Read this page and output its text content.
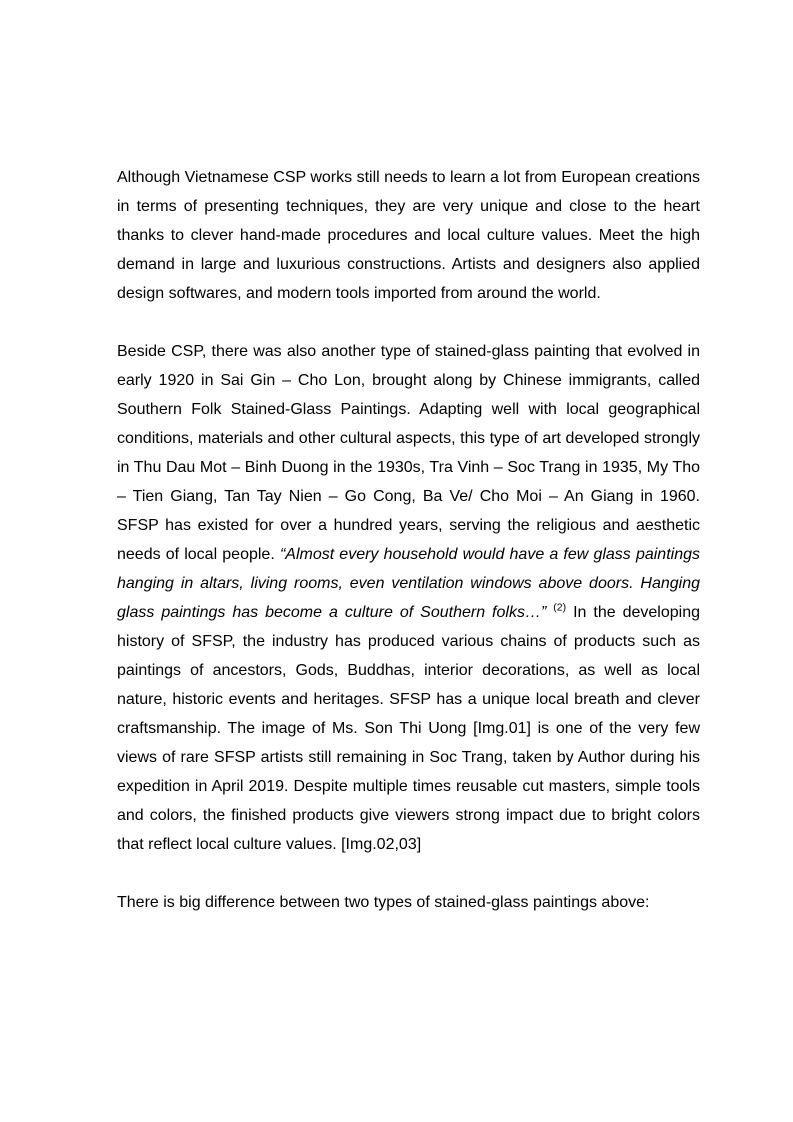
Although Vietnamese CSP works still needs to learn a lot from European creations in terms of presenting techniques, they are very unique and close to the heart thanks to clever hand-made procedures and local culture values. Meet the high demand in large and luxurious constructions. Artists and designers also applied design softwares, and modern tools imported from around the world.

Beside CSP, there was also another type of stained-glass painting that evolved in early 1920 in Sai Gin – Cho Lon, brought along by Chinese immigrants, called Southern Folk Stained-Glass Paintings. Adapting well with local geographical conditions, materials and other cultural aspects, this type of art developed strongly in Thu Dau Mot – Binh Duong in the 1930s, Tra Vinh – Soc Trang in 1935, My Tho – Tien Giang, Tan Tay Nien – Go Cong, Ba Ve/ Cho Moi – An Giang in 1960. SFSP has existed for over a hundred years, serving the religious and aesthetic needs of local people. “Almost every household would have a few glass paintings hanging in altars, living rooms, even ventilation windows above doors. Hanging glass paintings has become a culture of Southern folks…” $^{(2)}$ In the developing history of SFSP, the industry has produced various chains of products such as paintings of ancestors, Gods, Buddhas, interior decorations, as well as local nature, historic events and heritages. SFSP has a unique local breath and clever craftsmanship. The image of Ms. Son Thi Uong [Img.01] is one of the very few views of rare SFSP artists still remaining in Soc Trang, taken by Author during his expedition in April 2019. Despite multiple times reusable cut masters, simple tools and colors, the finished products give viewers strong impact due to bright colors that reflect local culture values. [Img.02,03]

There is big difference between two types of stained-glass paintings above:
